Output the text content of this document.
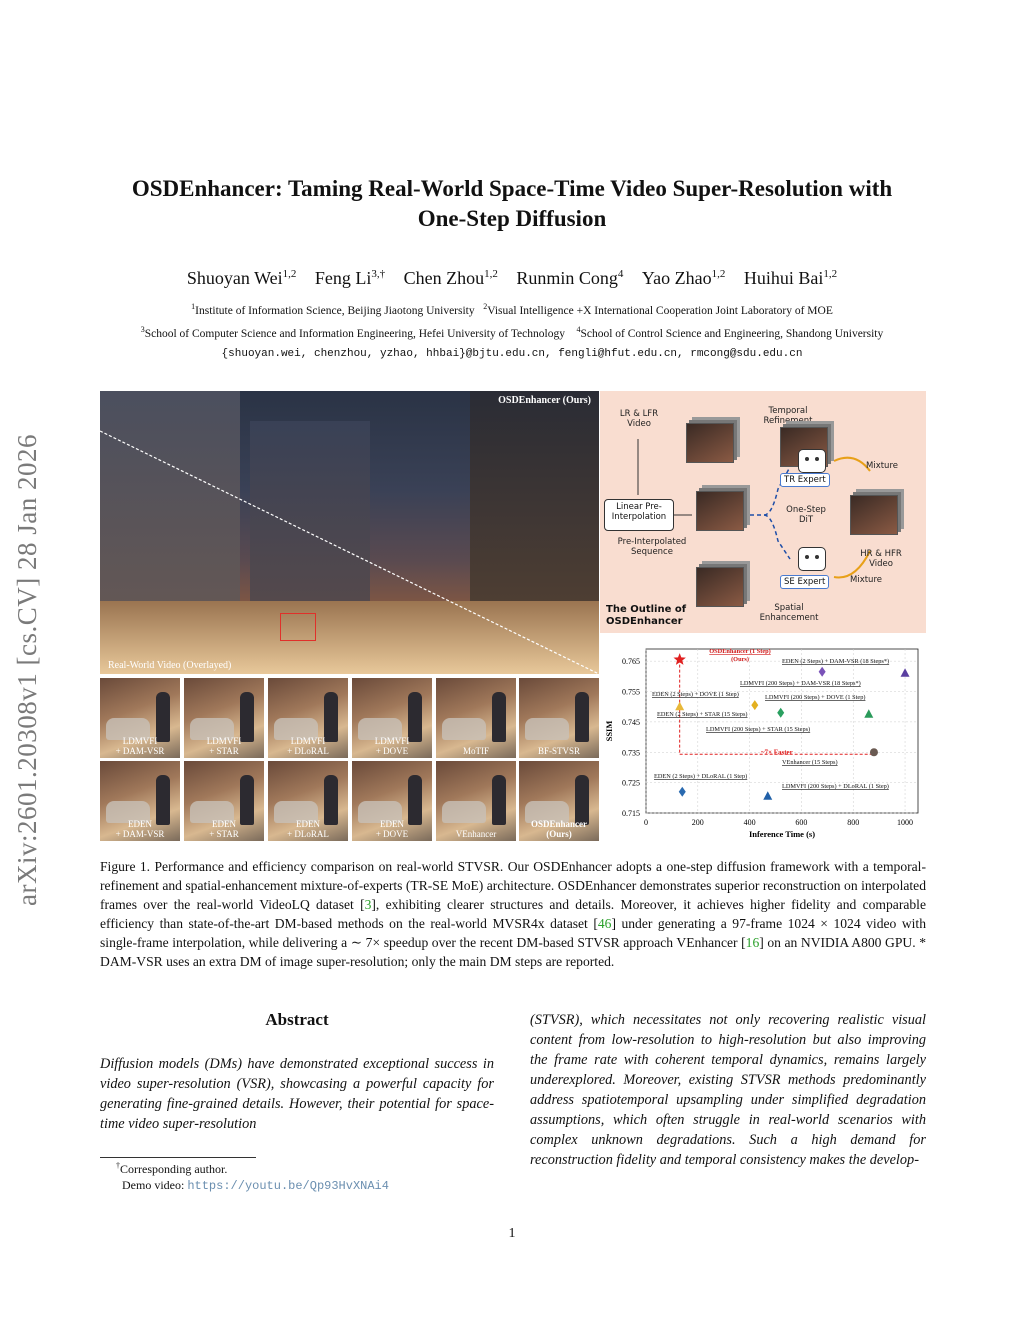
arXiv:2601.20308v1 [cs.CV] 28 Jan 2026
OSDEnhancer: Taming Real-World Space-Time Video Super-Resolution with
One-Step Diffusion
Shuoyan Wei$^{1,2}$ Feng $Li^{3,\dagger}$ Chen Zhou$^{1,2}$ Runmin Cong$^4$ Yao Zhao$^{1,2}$ Huihui Bai$^{1,2}$
$^1$Institute of Information Science, Beijing Jiaotong University $^2$Visual Intelligence +X International Cooperation Joint Laboratory of MOE
$^3$School of Computer Science and Information Engineering, Hefei University of Technology $^4$School of Control Science and Engineering, Shandong University
{shuoyan.wei, chenzhou, yzhao, hhbai}@bjtu.edu.cn, fengli@hfut.edu.cn, rmcong@sdu.edu.cn
OSDEnhancer (Ours)
Real-World Video (Overlayed)
LDMVFI
+ DAM-VSR
LDMVFI
+ STAR
LDMVFI
+ DLoRAL
LDMVFI
+ DOVE	MoTIF	BF-STVSR
EDEN
+ DAM-VSR
EDEN
+ STAR
EDEN
+ DLoRAL
EDEN
+ DOVE	VEnhancer
OSDEnhancer
(Ours)
LR & LFR
Video
Temporal
Refinement
TR Expert
Mixture
Linear Pre-
Interpolation
Pre-Interpolated
Sequence
One-Step
DiT
SE Expert
HR & HFR
Video
Mixture
Spatial
Enhancement
The Outline of
OSDEnhancer
0.715
0.725
0.735
0.745
0.755
0.765
0	200	400	600	800	1000
Inference Time (s)
SSIM
~7× Faster
OSDEnhancer (1 Step)
(Ours)	EDEN (2 Steps) + DAM-VSR (18 Steps*)
LDMVFI (200 Steps) + DAM-VSR (18 Steps*)
EDEN (2 Steps) + DOVE (1 Step)	LDMVFI (200 Steps) + DOVE (1 Step)
EDEN (2 Steps) + STAR (15 Steps)
LDMVFI (200 Steps) + STAR (15 Steps)
VEnhancer (15 Steps)
EDEN (2 Steps) + DLoRAL (1 Step)
LDMVFI (200 Steps) + DLoRAL (1 Step)
Figure 1. Performance and efficiency comparison on real-world STVSR. Our OSDEnhancer adopts a one-step diffusion framework with a temporal-refinement and spatial-enhancement mixture-of-experts (TR-SE MoE) architecture. OSDEnhancer demonstrates superior reconstruction on interpolated frames over the real-world VideoLQ dataset [3], exhibiting clearer structures and details. Moreover, it achieves higher fidelity and comparable efficiency than state-of-the-art DM-based methods on the real-world MVSR4x dataset [46] under generating a 97-frame 1024 × 1024 video with single-frame interpolation, while delivering a ∼ 7× speedup over the recent DM-based STVSR approach VEnhancer [16] on an NVIDIA A800 GPU. * DAM-VSR uses an extra DM of image super-resolution; only the main DM steps are reported.
Abstract
Diffusion models (DMs) have demonstrated exceptional success in video super-resolution (VSR), showcasing a powerful capacity for generating fine-grained details. However, their potential for space-time video super-resolution
(STVSR), which necessitates not only recovering realistic visual content from low-resolution to high-resolution but also improving the frame rate with coherent temporal dynamics, remains largely underexplored. Moreover, existing STVSR methods predominantly address spatiotemporal upsampling under simplified degradation assumptions, which often struggle in real-world scenarios with complex unknown degradations. Such a high demand for reconstruction fidelity and temporal consistency makes the develop-
†Corresponding author.
Demo video: https://youtu.be/Qp93HvXNAi4
1
